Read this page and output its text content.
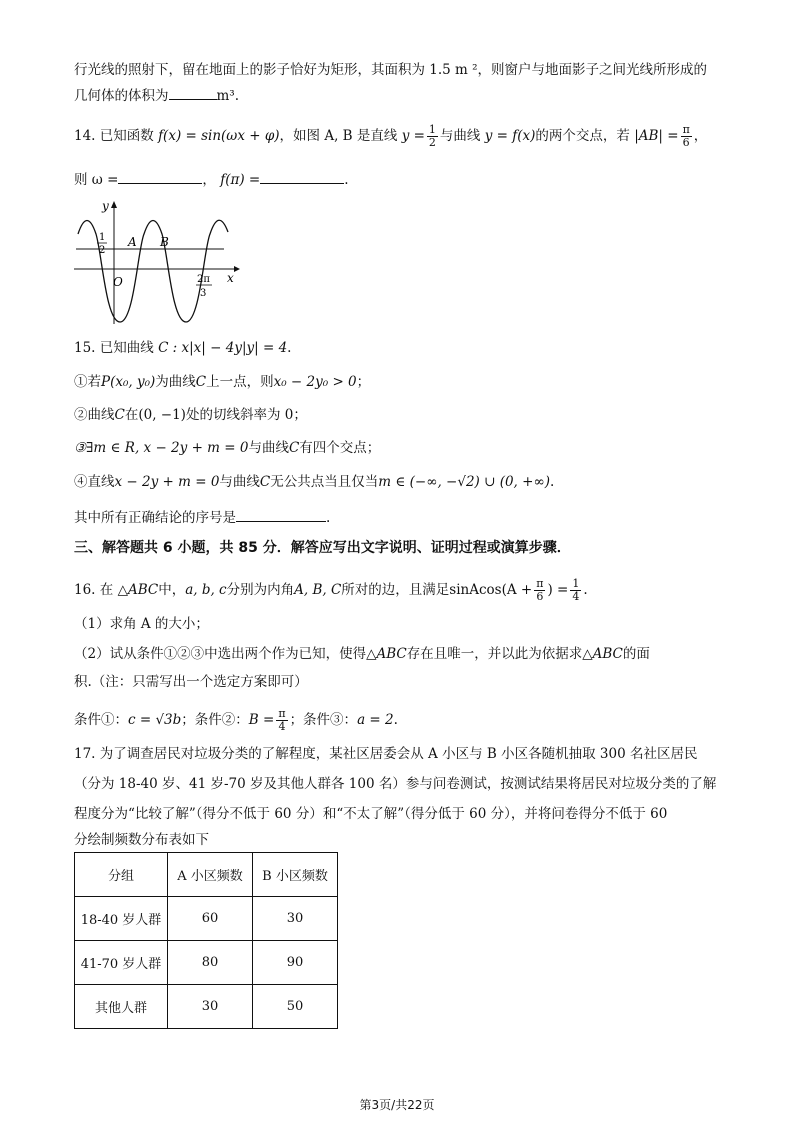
行光线的照射下，留在地面上的影子恰好为矩形，其面积为 1.5 m ²，则窗户与地面影子之间光线所形成的
几何体的体积为	m³.
14. 已知函数 f(x) = sin(ωx + φ)，如图 A, B 是直线 $y = \frac{1}{2}$ 与曲线 y = f(x)的两个交点，若 $|AB| = \frac{\pi}{6}$ ，
则 ω =	， f(π) =	.
y
x
O
1
2
A B
2π
3
15. 已知曲线 C : x|x| − 4y|y| = 4.
①若P(x₀, y₀)为曲线C上一点，则x₀ − 2y₀ > 0；
②曲线C在(0, −1)处的切线斜率为 0；
③∃m ∈ R, x − 2y + m = 0与曲线C有四个交点；
④直线x − 2y + m = 0与曲线C无公共点当且仅当m ∈ (−∞, −√2) ∪ (0, +∞).
其中所有正确结论的序号是	.
三、解答题共 6 小题，共 85 分．解答应写出文字说明、证明过程或演算步骤．
16. 在 △ABC中，a, b, c分别为内角A, B, C所对的边，且满足sinAcos(A + $\frac{\pi}{6}$ ) = $\frac{1}{4}$ .
（1）求角 A 的大小；
（2）试从条件①②③中选出两个作为已知，使得△ABC存在且唯一，并以此为依据求△ABC的面
积.（注：只需写出一个选定方案即可）
条件①：c = √3b；条件②：$B = \frac{\pi}{4}$ ；条件③：a = 2.
17. 为了调查居民对垃圾分类的了解程度，某社区居委会从 A 小区与 B 小区各随机抽取 300 名社区居民
（分为 18-40 岁、41 岁-70 岁及其他人群各 100 名）参与问卷测试，按测试结果将居民对垃圾分类的了解
程度分为“比较了解”（得分不低于 60 分）和“不太了解”（得分低于 60 分），并将问卷得分不低于 60
分绘制频数分布表如下
分组	A 小区频数	B 小区频数
18-40 岁人群	60	30
41-70 岁人群	80	90
其他人群	30	50
第3页/共22页
